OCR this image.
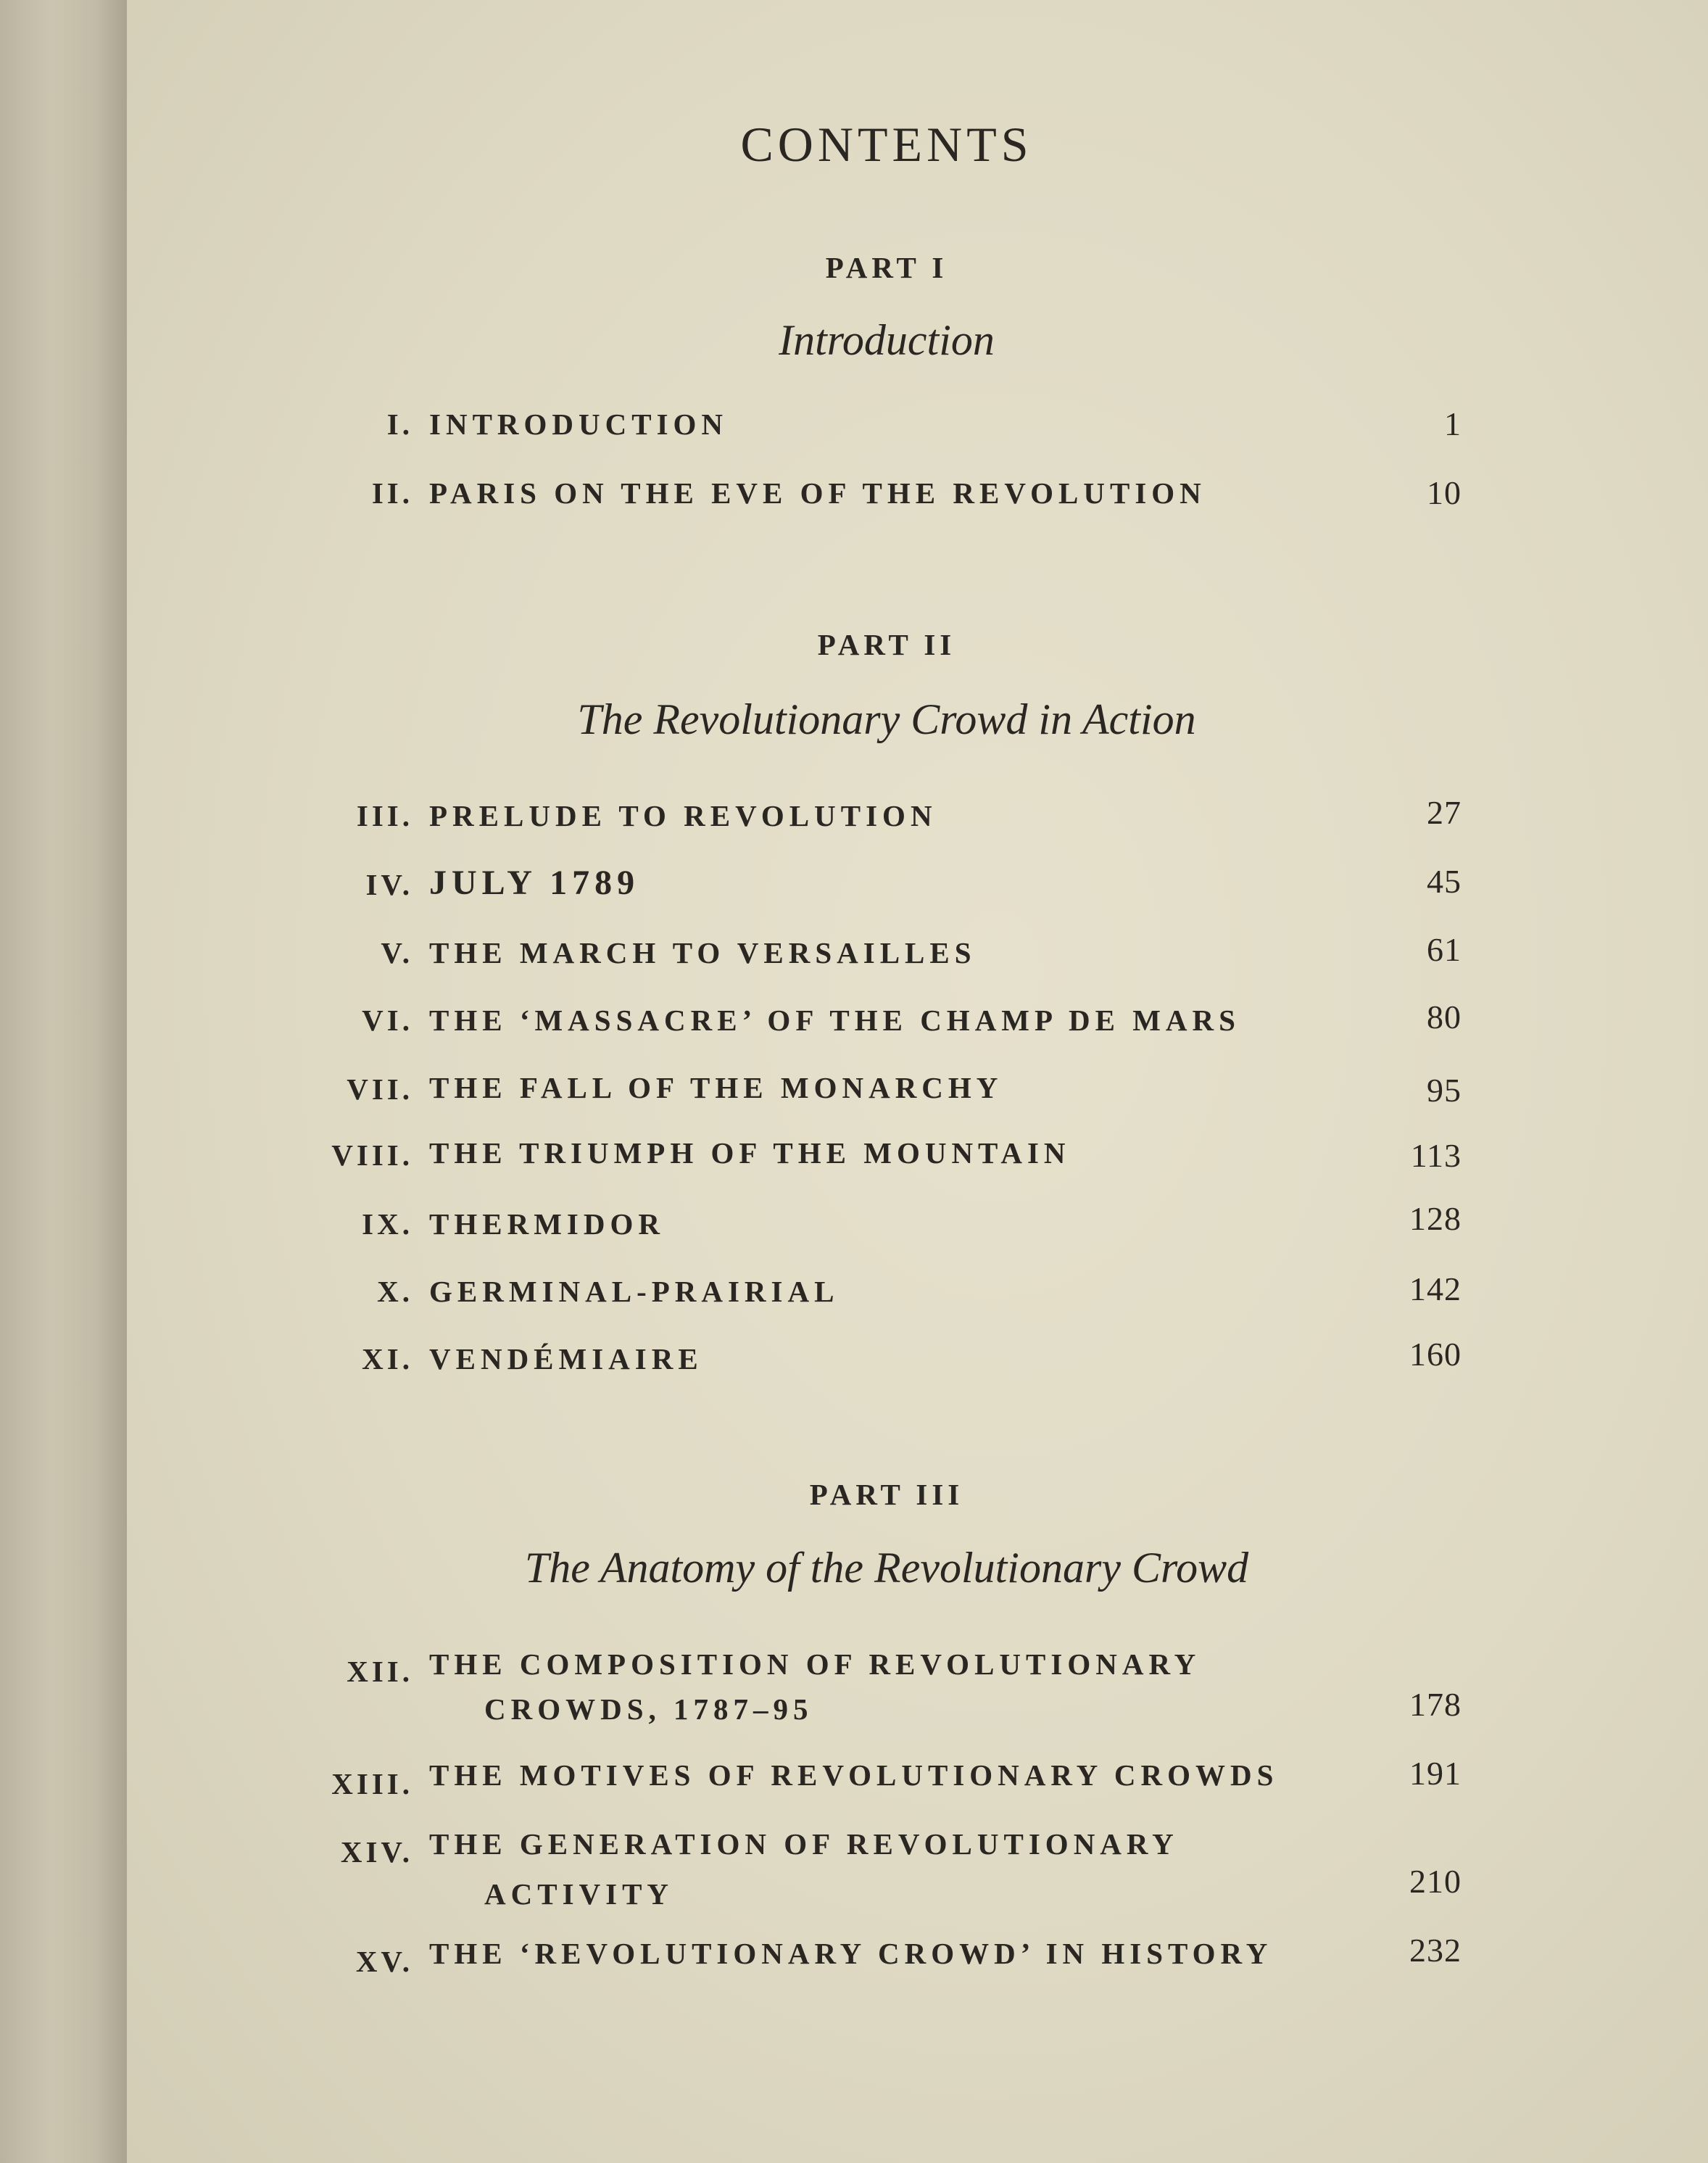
CONTENTS
PART I
Introduction
I. INTRODUCTION	1
II. PARIS ON THE EVE OF THE REVOLUTION	10
PART II
The Revolutionary Crowd in Action
III. PRELUDE TO REVOLUTION	27
IV. JULY 1789	45
V. THE MARCH TO VERSAILLES	61
VI. THE ‘MASSACRE’ OF THE CHAMP DE MARS	80
VII. THE FALL OF THE MONARCHY	95
VIII. THE TRIUMPH OF THE MOUNTAIN	113
IX. THERMIDOR	128
X. GERMINAL-PRAIRIAL	142
XI. VENDÉMIAIRE	160
PART III
The Anatomy of the Revolutionary Crowd
XII. THE COMPOSITION OF REVOLUTIONARY
CROWDS, 1787–95	178
XIII. THE MOTIVES OF REVOLUTIONARY CROWDS	191
XIV. THE GENERATION OF REVOLUTIONARY
ACTIVITY	210
XV. THE ‘REVOLUTIONARY CROWD’ IN HISTORY	232
